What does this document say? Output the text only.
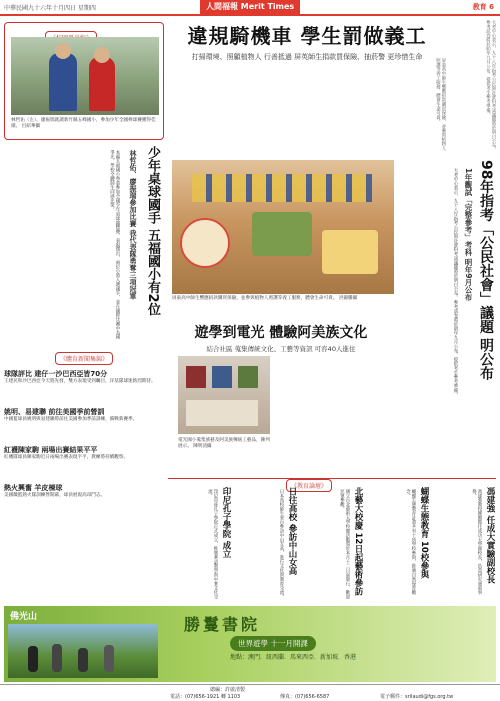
中華民國九十六年十月四日 星期四	人間福報 Merit Times	教育 6
林哲佑（左）、廖振瑞就讀新竹縣五峰國小，參加少年全國棒球賽獲得佳績。 呂紹華攝
少年桌球國手 五福國小有2位
林哲佑、廖振瑞參加比賽 我代表隊勇奪三項冠軍
本縣五福國小學童參加全國少年桌球錦標賽，表現傑出，兩位小將入選國手，並在國際比賽中為國爭光，學校全體師生同感光榮。
《體育新聞集錦》
球隊評比 建仔一沙巴西亞皆70分
王建民和沙巴西亞今天將先發，雙方表現受到矚目，洋基隊球迷熱烈期待。
姚明、易建聯 前往美國季前營訓
中國籃球員姚明與易建聯將前往美國參加季前訓練，備戰新賽季。
紅襪陳家駒 兩場出賽結果平平
紅襪隊球員陳家駒近日兩場出賽表現平平，教練將持續觀察。
熱火興奮 羊皮棟球
美國職籃熱火隊訓練營開幕，球員展現高昂鬥志。
違規騎機車 學生罰做義工
打掃環境、照顧植物人 行善抵過 屏英師生捐款買保險、抽菸警 更珍惜生命
屏東高中師生響應捐款購買保險，並參與植物人照護等義工服務，體會生命可貴。
屏東高中師生響應捐款購買保險，並參與植物人照護等義工服務，體會生命可貴。 洪錦騰攝
遊學到電光 體驗阿美族文化
結合社區 蒐集傳統文化、工藝等資訊 可容40人進住
電光國小蒐集族藝及阿美族傳統工藝品，陳列展示。 陳明清攝
98年指考「公民社會」議題 明公布
1年觀試「完整參考」考科 明年9月公布
大考中心表示，九十八年指考公民與社會科考試議題將於明日公布，參考試卷將於明年九月公布，提供考生參考準備。
大考中心表示，九十八年指考公民與社會科考試議題將於明日公布，參考試卷將於明年九月公布，提供考生參考準備。
《教育論壇》
印尼孔子學院 成立
印尼首座孔子學院正式成立，推廣華語教學與中華文化交流。	日往高校 參訪中山女高
日本高校師生來台參訪中山女高，進行文化與教育交流。	北藝大校慶 12日起藝術參訪
國立台北藝術大學校慶活動將於本月十二日起舉行，歡迎民眾參觀。	蝴蝶生態教育 10校參與
蝴蝶生態教育計畫共有十所學校參與，推廣自然保育觀念。	馮建強 任成大實驗副校長
馮建強教授獲聘擔任成功大學副校長，負責研究發展事務。
佛光山	勝鬘書院
世界遊學 十一月開課
地點：澳門．紐西蘭．馬來西亞．新加坡．香港
總編：許啟清製
電話：(07)656-1921 轉 1103	傳真：(07)656-6587	電子郵件：srilaudi@fgs.org.tw
